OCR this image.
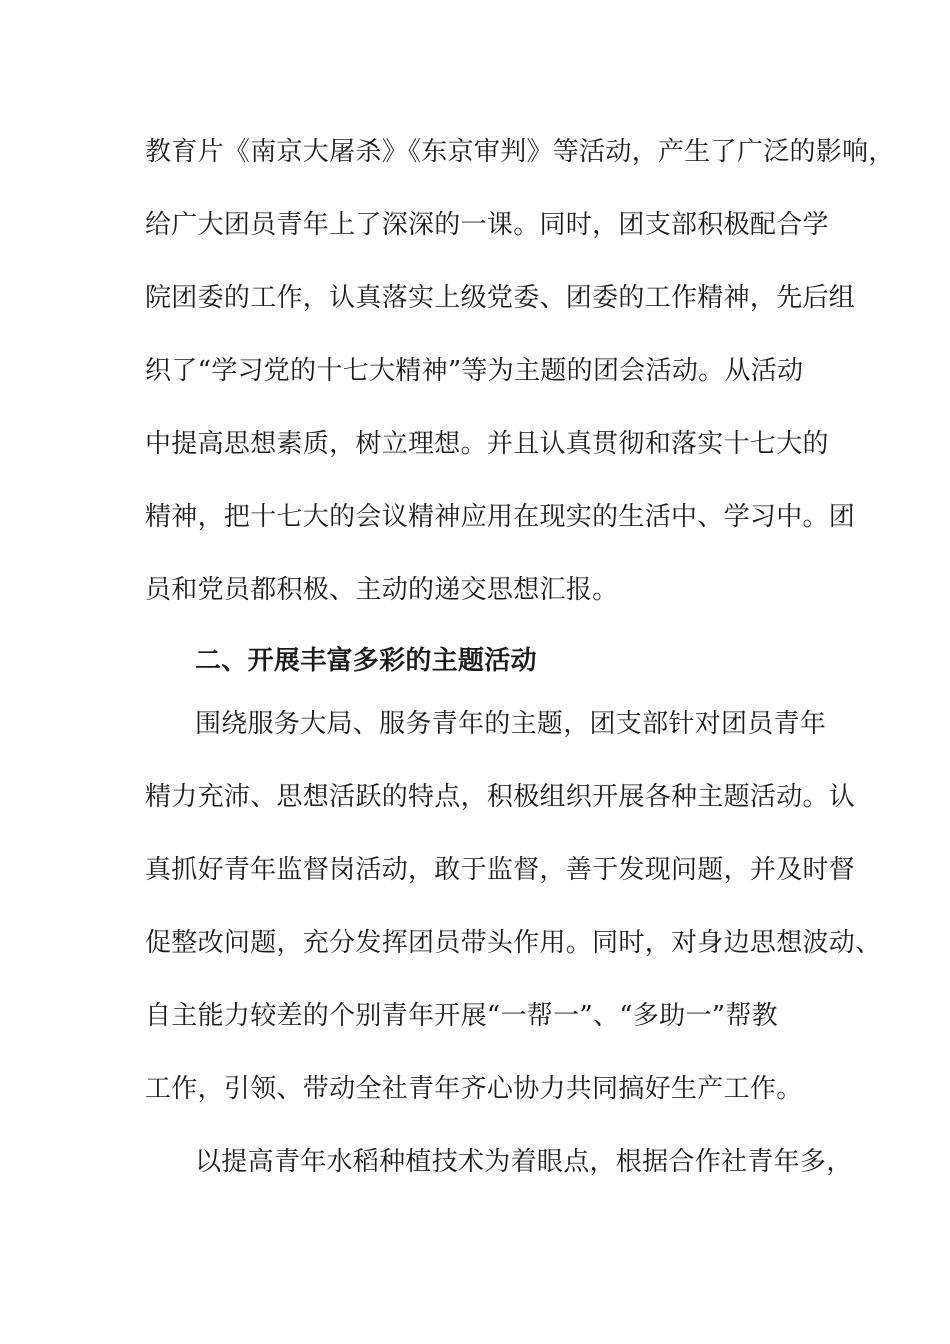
教育片《南京大屠杀》《东京审判》等活动，产生了广泛的影响，
给广大团员青年上了深深的一课。同时，团支部积极配合学
院团委的工作，认真落实上级党委、团委的工作精神，先后组
织了“学习党的十七大精神”等为主题的团会活动。从活动
中提高思想素质，树立理想。并且认真贯彻和落实十七大的
精神，把十七大的会议精神应用在现实的生活中、学习中。团
员和党员都积极、主动的递交思想汇报。
二、开展丰富多彩的主题活动
围绕服务大局、服务青年的主题，团支部针对团员青年
精力充沛、思想活跃的特点，积极组织开展各种主题活动。认
真抓好青年监督岗活动，敢于监督，善于发现问题，并及时督
促整改问题，充分发挥团员带头作用。同时，对身边思想波动、
自主能力较差的个别青年开展“一帮一”、“多助一”帮教
工作，引领、带动全社青年齐心协力共同搞好生产工作。
以提高青年水稻种植技术为着眼点，根据合作社青年多，
